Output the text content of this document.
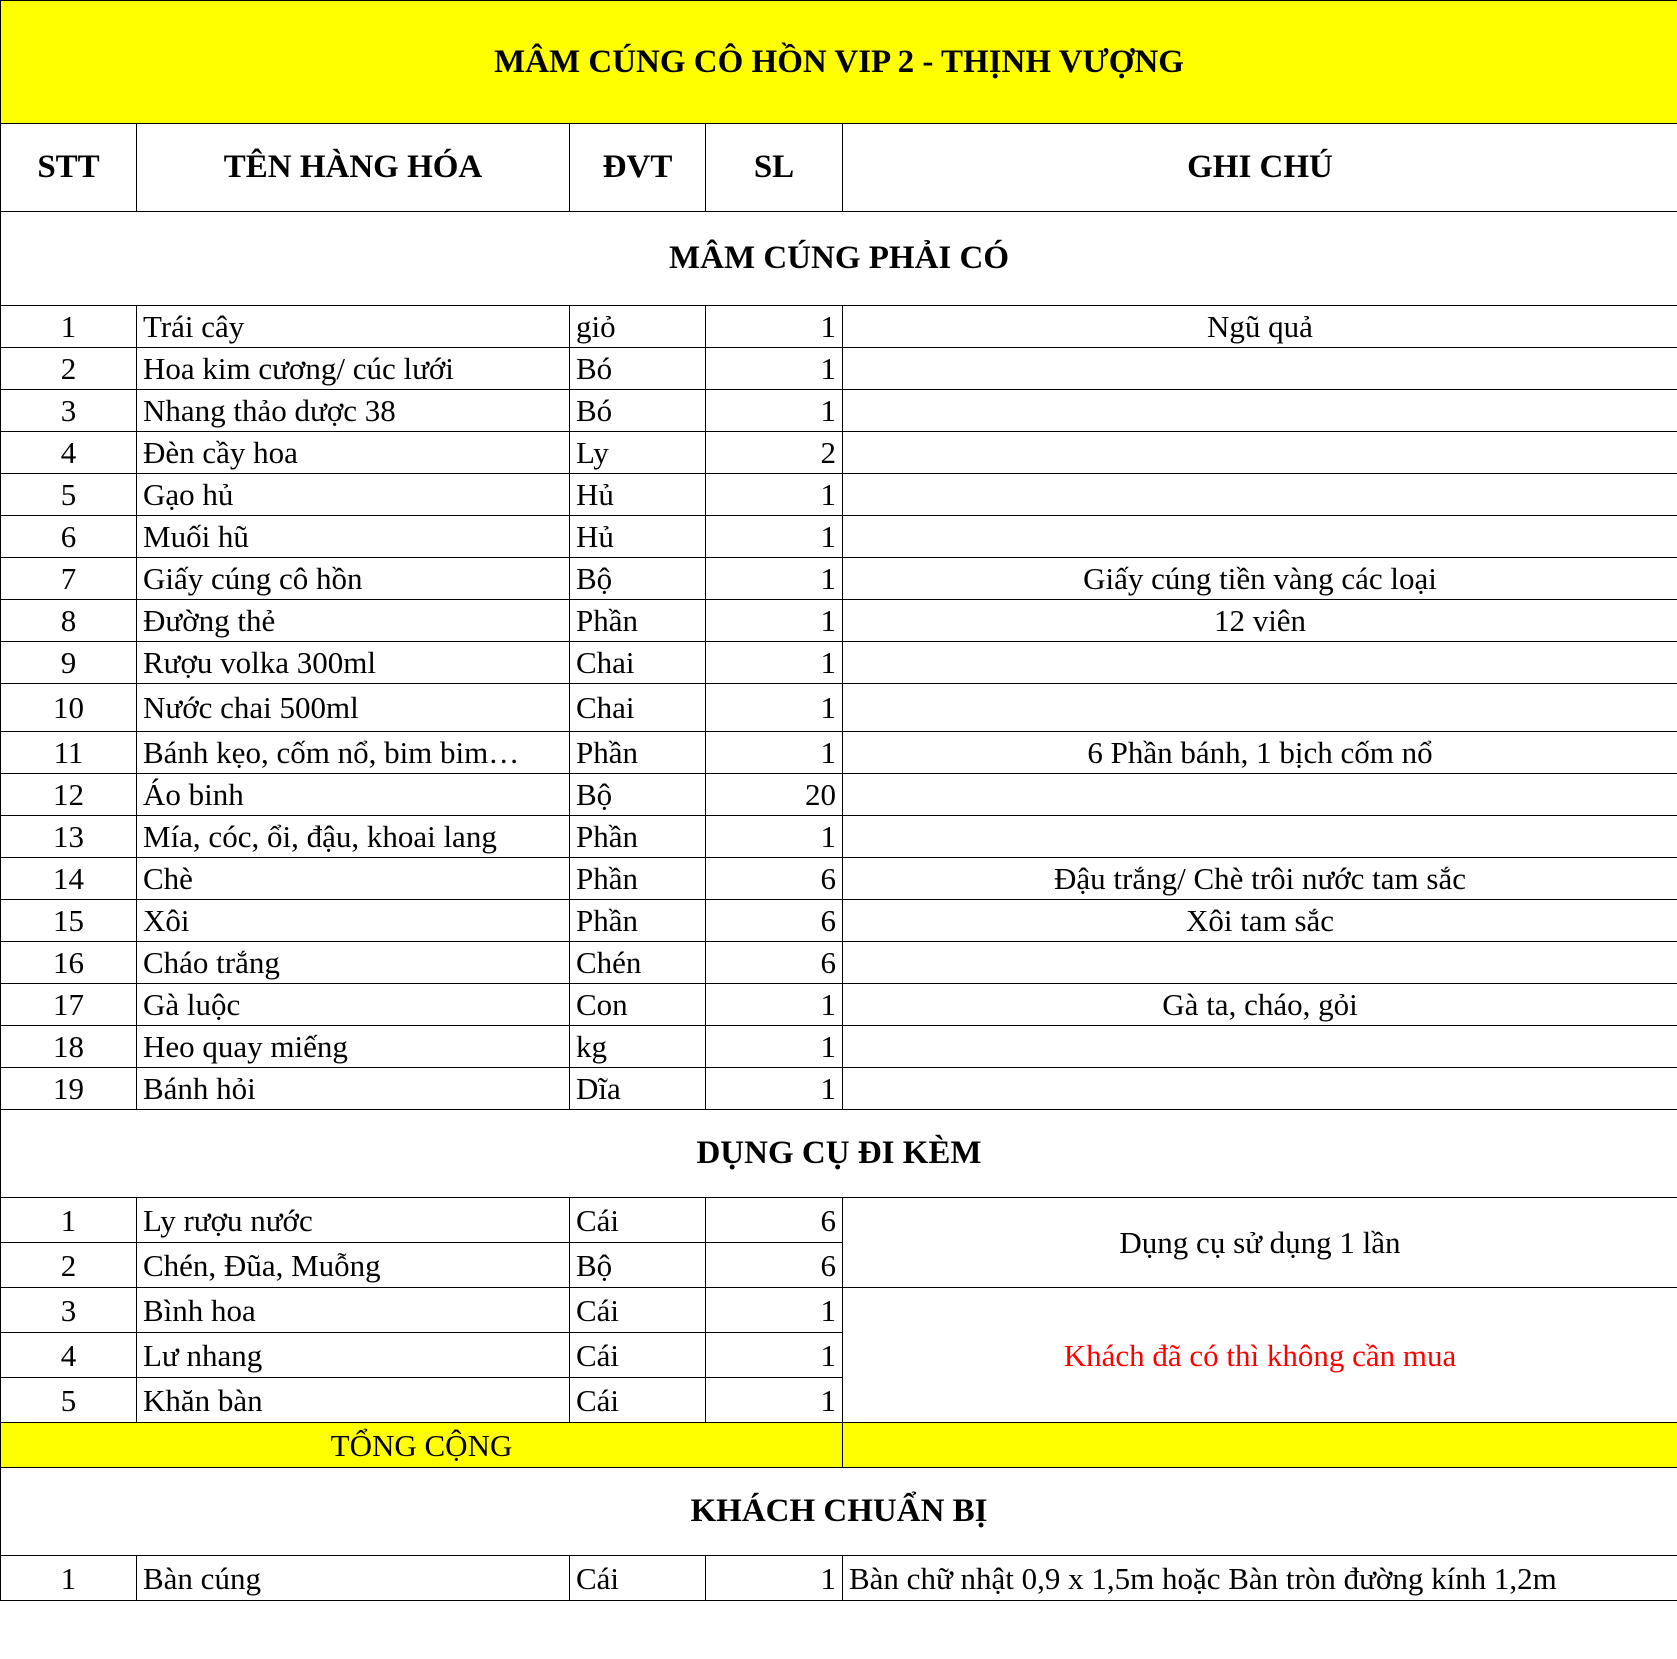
MÂM CÚNG CÔ HỒN VIP 2 - THỊNH VƯỢNG				
STT	TÊN HÀNG HÓA	ĐVT	SL	GHI CHÚ
MÂM CÚNG PHẢI CÓ				
1	Trái cây	giỏ	1	Ngũ quả
2	Hoa kim cương/ cúc lưới	Bó	1	
3	Nhang thảo dược 38	Bó	1	
4	Đèn cầy hoa	Ly	2	
5	Gạo hủ	Hủ	1	
6	Muối hũ	Hủ	1	
7	Giấy cúng cô hồn	Bộ	1	Giấy cúng tiền vàng các loại
8	Đường thẻ	Phần	1	12 viên
9	Rượu volka 300ml	Chai	1	
10	Nước chai 500ml	Chai	1	
11	Bánh kẹo, cốm nổ, bim bim…	Phần	1	6 Phần bánh, 1 bịch cốm nổ
12	Áo binh	Bộ	20	
13	Mía, cóc, ổi, đậu, khoai lang	Phần	1	
14	Chè	Phần	6	Đậu trắng/ Chè trôi nước tam sắc
15	Xôi	Phần	6	Xôi tam sắc
16	Cháo trắng	Chén	6	
17	Gà luộc	Con	1	Gà ta, cháo, gỏi
18	Heo quay miếng	kg	1	
19	Bánh hỏi	Dĩa	1	
DỤNG CỤ ĐI KÈM				
1	Ly rượu nước	Cái	6	Dụng cụ sử dụng 1 lần
2	Chén, Đũa, Muỗng	Bộ	6	
3	Bình hoa	Cái	1	Khách đã có thì không cần mua
4	Lư nhang	Cái	1	
5	Khăn bàn	Cái	1	
TỔNG CỘNG				
KHÁCH CHUẨN BỊ				
1	Bàn cúng	Cái	1	Bàn chữ nhật 0,9 x 1,5m hoặc Bàn tròn đường kính 1,2m
